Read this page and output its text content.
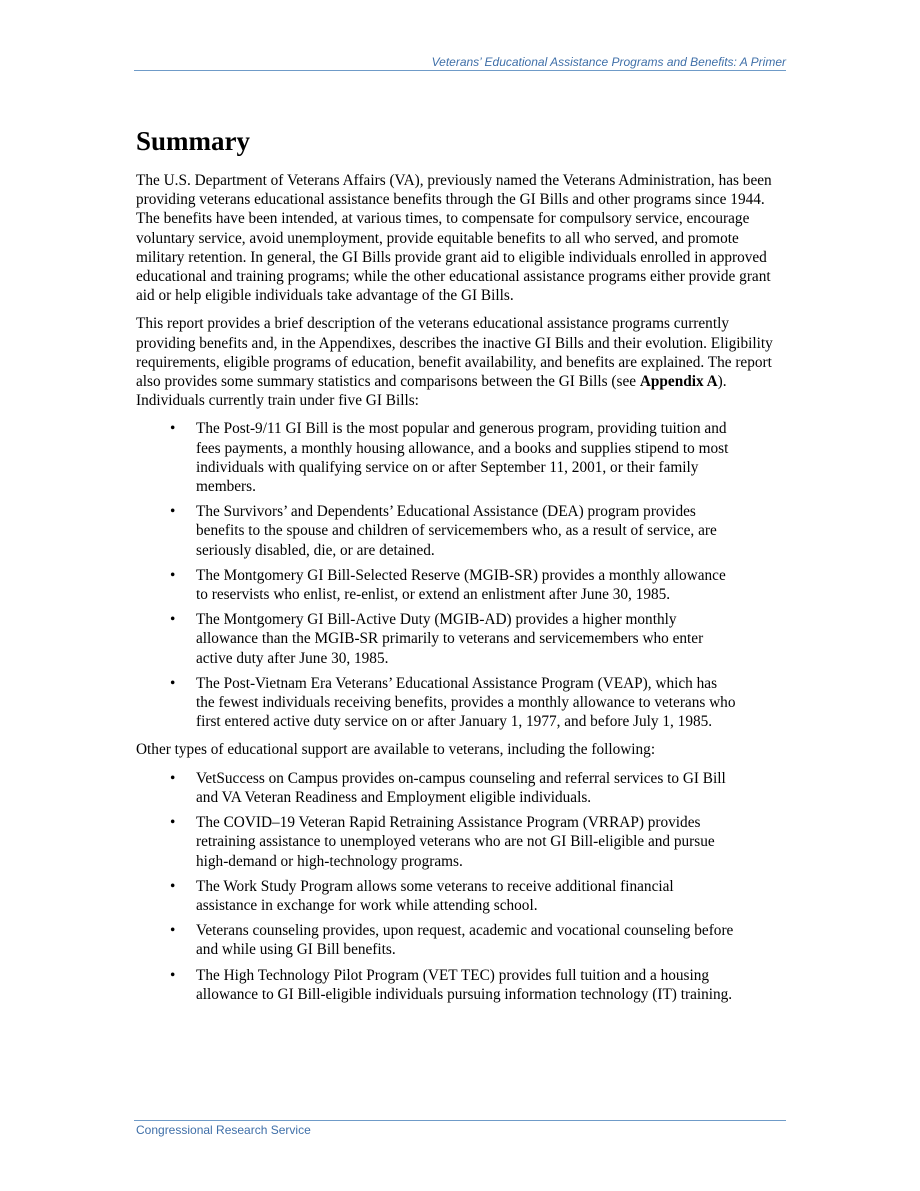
Veterans’ Educational Assistance Programs and Benefits: A Primer
Summary

The U.S. Department of Veterans Affairs (VA), previously named the Veterans Administration, has been providing veterans educational assistance benefits through the GI Bills and other programs since 1944. The benefits have been intended, at various times, to compensate for compulsory service, encourage voluntary service, avoid unemployment, provide equitable benefits to all who served, and promote military retention. In general, the GI Bills provide grant aid to eligible individuals enrolled in approved educational and training programs; while the other educational assistance programs either provide grant aid or help eligible individuals take advantage of the GI Bills.

This report provides a brief description of the veterans educational assistance programs currently providing benefits and, in the Appendixes, describes the inactive GI Bills and their evolution. Eligibility requirements, eligible programs of education, benefit availability, and benefits are explained. The report also provides some summary statistics and comparisons between the GI Bills (see Appendix A). Individuals currently train under five GI Bills:

• The Post-9/11 GI Bill is the most popular and generous program, providing tuition and fees payments, a monthly housing allowance, and a books and supplies stipend to most individuals with qualifying service on or after September 11, 2001, or their family members.
• The Survivors’ and Dependents’ Educational Assistance (DEA) program provides benefits to the spouse and children of servicemembers who, as a result of service, are seriously disabled, die, or are detained.
• The Montgomery GI Bill-Selected Reserve (MGIB-SR) provides a monthly allowance to reservists who enlist, re-enlist, or extend an enlistment after June 30, 1985.
• The Montgomery GI Bill-Active Duty (MGIB-AD) provides a higher monthly allowance than the MGIB-SR primarily to veterans and servicemembers who enter active duty after June 30, 1985.
• The Post-Vietnam Era Veterans’ Educational Assistance Program (VEAP), which has the fewest individuals receiving benefits, provides a monthly allowance to veterans who first entered active duty service on or after January 1, 1977, and before July 1, 1985.

Other types of educational support are available to veterans, including the following:

• VetSuccess on Campus provides on-campus counseling and referral services to GI Bill and VA Veteran Readiness and Employment eligible individuals.
• The COVID–19 Veteran Rapid Retraining Assistance Program (VRRAP) provides retraining assistance to unemployed veterans who are not GI Bill-eligible and pursue high-demand or high-technology programs.
• The Work Study Program allows some veterans to receive additional financial assistance in exchange for work while attending school.
• Veterans counseling provides, upon request, academic and vocational counseling before and while using GI Bill benefits.
• The High Technology Pilot Program (VET TEC) provides full tuition and a housing allowance to GI Bill-eligible individuals pursuing information technology (IT) training.
Congressional Research Service
